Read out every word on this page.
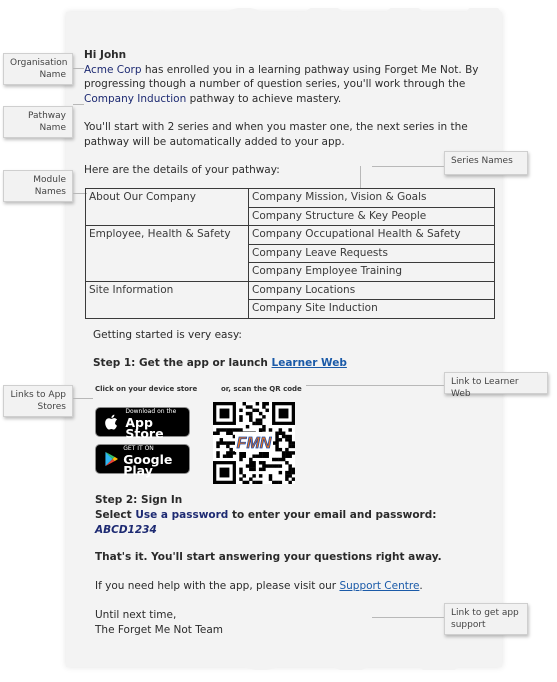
Organisation Name
Pathway Name
Module Names
Links to App Stores
Series Names
Link to Learner Web
Link to get app support
Hi John
Acme Corp has enrolled you in a learning pathway using Forget Me Not. By progressing though a number of question series, you'll work through the Company Induction pathway to achieve mastery.
You'll start with 2 series and when you master one, the next series in the pathway will be automatically added to your app.
Here are the details of your pathway:
About Our Company	Company Mission, Vision & Goals
	Company Structure & Key People
Employee, Health & Safety	Company Occupational Health & Safety
	Company Leave Requests
	Company Employee Training
Site Information	Company Locations
	Company Site Induction
Getting started is very easy:
Step 1: Get the app or launch Learner Web
Click on your device store	or, scan the QR code
Download on the
App Store
GET IT ON
Google Play
FMN
Step 2: Sign In
Select Use a password to enter your email and password:
ABCD1234
That's it. You'll start answering your questions right away.
If you need help with the app, please visit our Support Centre.
Until next time,
The Forget Me Not Team
